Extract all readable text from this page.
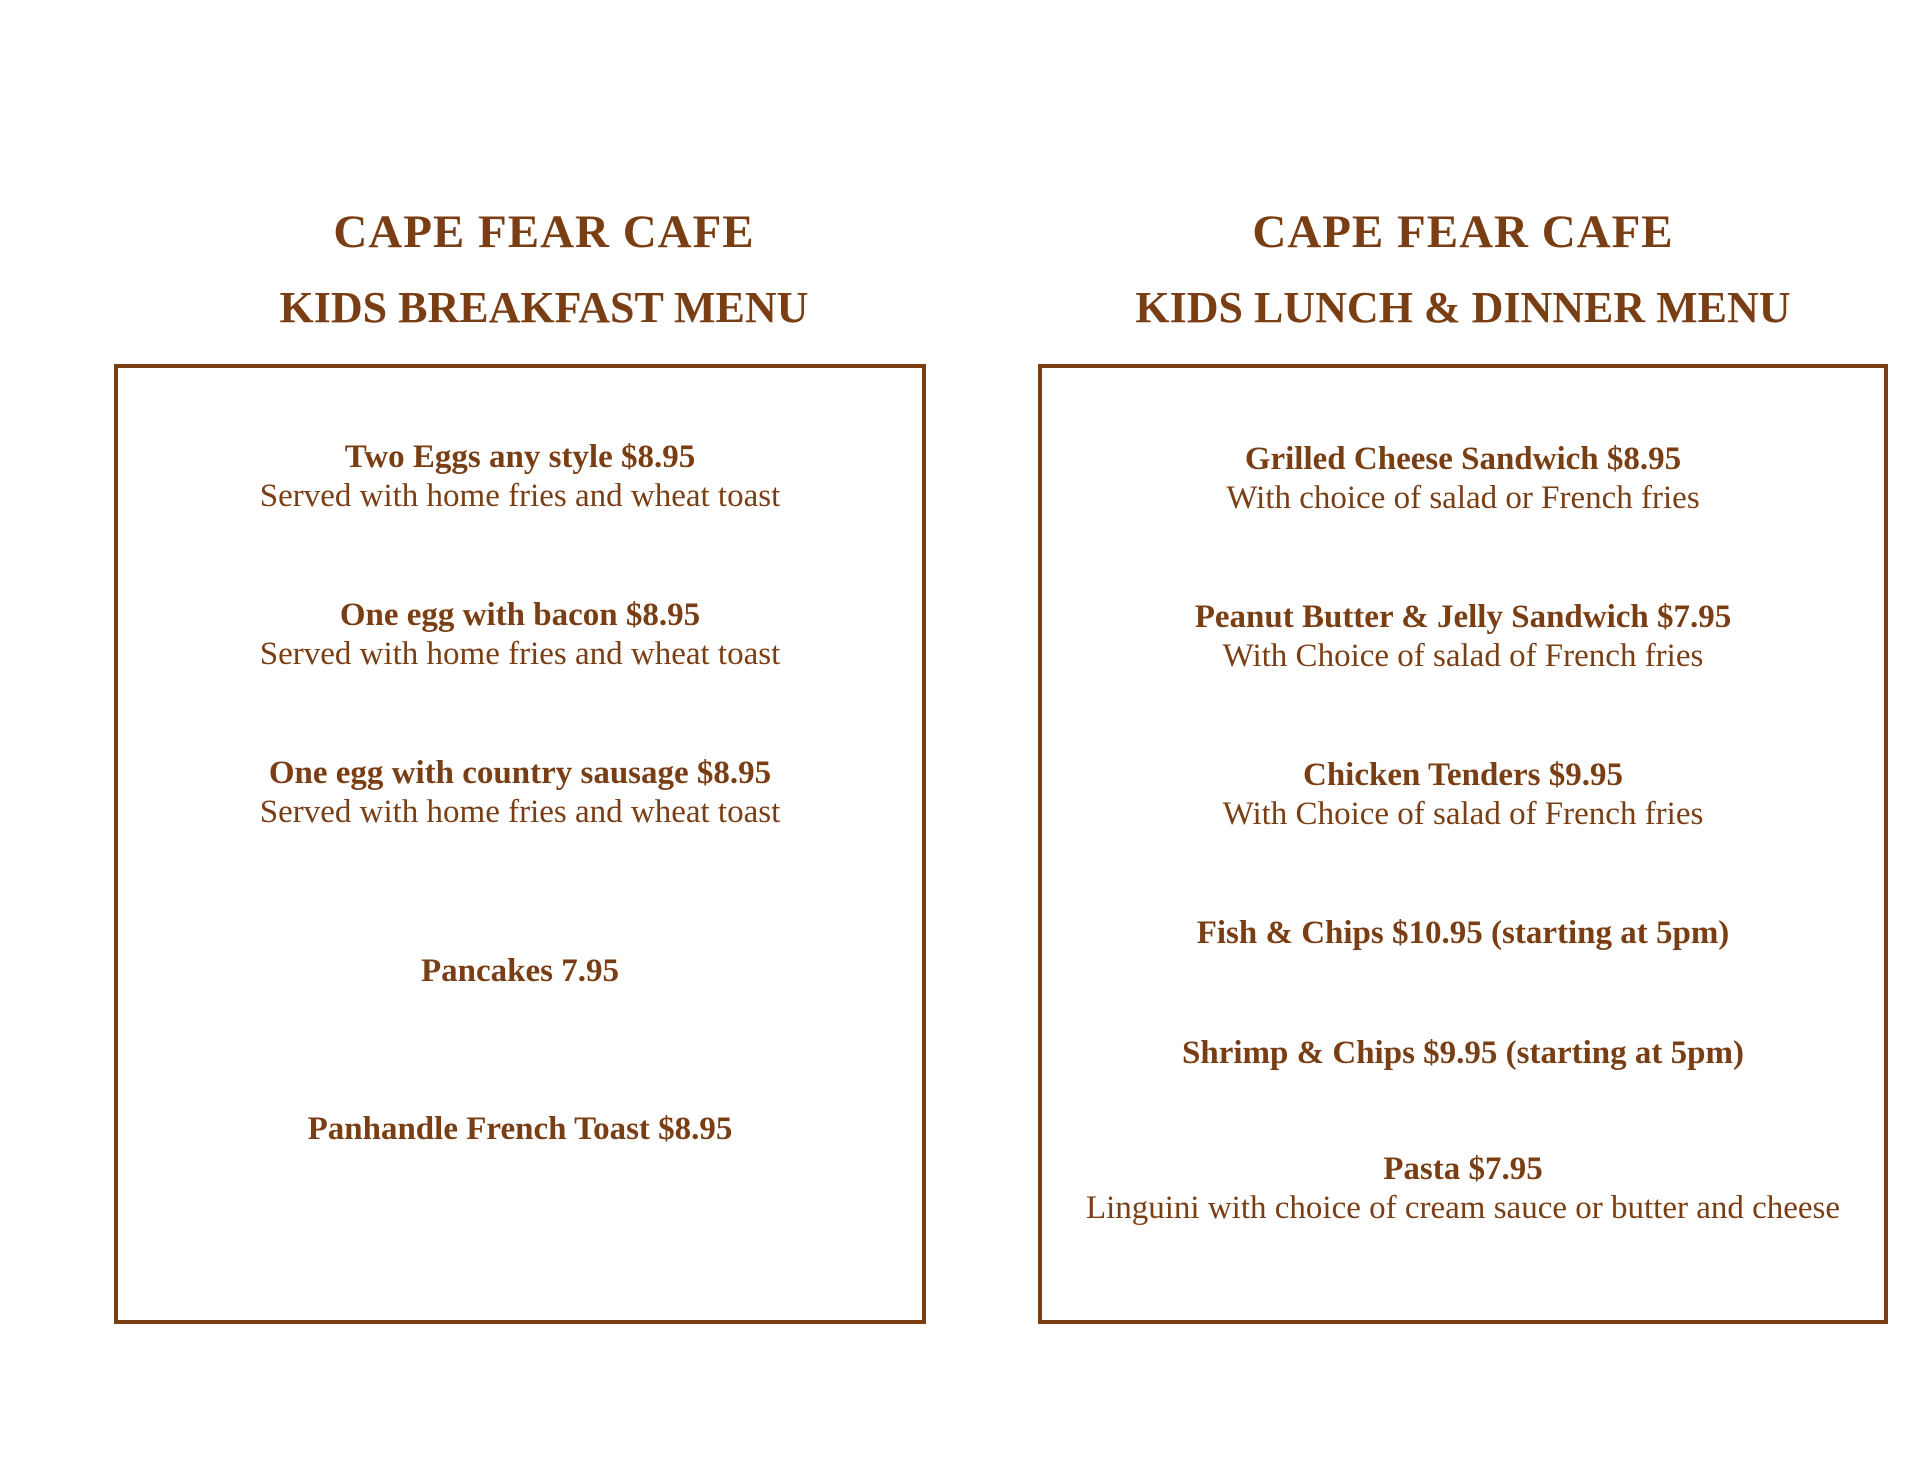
CAPE FEAR CAFE
KIDS BREAKFAST MENU
Two Eggs any style $8.95
Served with home fries and wheat toast
One egg with bacon $8.95
Served with home fries and wheat toast
One egg with country sausage $8.95
Served with home fries and wheat toast
Pancakes 7.95
Panhandle French Toast $8.95
CAPE FEAR CAFE
KIDS LUNCH & DINNER MENU
Grilled Cheese Sandwich $8.95
With choice of salad or French fries
Peanut Butter & Jelly Sandwich $7.95
With Choice of salad of French fries
Chicken Tenders $9.95
With Choice of salad of French fries
Fish & Chips $10.95 (starting at 5pm)
Shrimp & Chips $9.95 (starting at 5pm)
Pasta $7.95
Linguini with choice of cream sauce or butter and cheese
